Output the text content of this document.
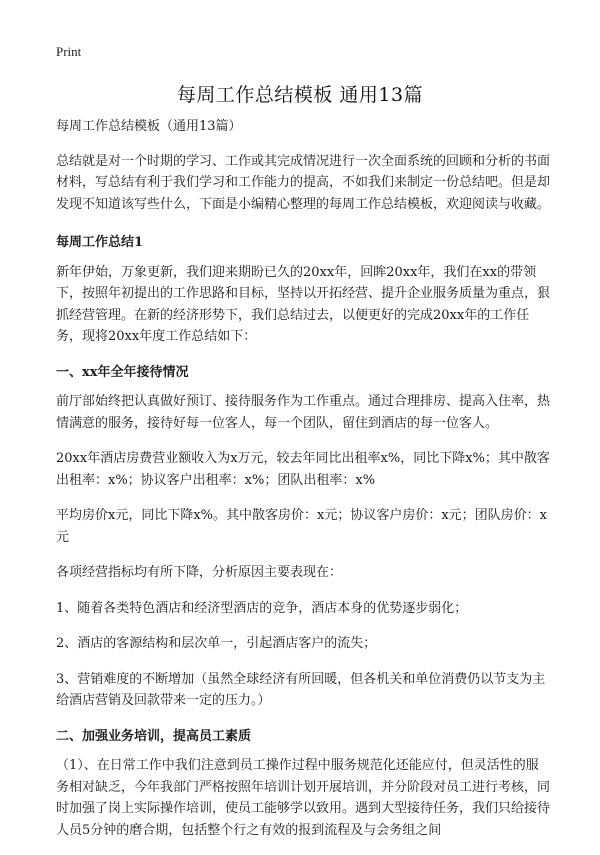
Print
每周工作总结模板 通用13篇

每周工作总结模板（通用13篇）

总结就是对一个时期的学习、工作或其完成情况进行一次全面系统的回顾和分析的书面材料，写总结有利于我们学习和工作能力的提高，不如我们来制定一份总结吧。但是却发现不知道该写些什么，下面是小编精心整理的每周工作总结模板，欢迎阅读与收藏。

每周工作总结1

新年伊始，万象更新，我们迎来期盼已久的20xx年，回眸20xx年，我们在xx的带领下，按照年初提出的工作思路和目标，坚持以开拓经营、提升企业服务质量为重点，狠抓经营管理。在新的经济形势下，我们总结过去，以便更好的完成20xx年的工作任务，现将20xx年度工作总结如下：

一、xx年全年接待情况

前厅部始终把认真做好预订、接待服务作为工作重点。通过合理排房、提高入住率，热情满意的服务，接待好每一位客人，每一个团队，留住到酒店的每一位客人。

20xx年酒店房费营业额收入为x万元，较去年同比出租率x%，同比下降x%；其中散客出租率：x%；协议客户出租率：x%；团队出租率：x%

平均房价x元，同比下降x%。其中散客房价：x元；协议客户房价：x元；团队房价：x元

各项经营指标均有所下降，分析原因主要表现在：

1、随着各类特色酒店和经济型酒店的竞争，酒店本身的优势逐步弱化；

2、酒店的客源结构和层次单一，引起酒店客户的流失；

3、营销难度的不断增加（虽然全球经济有所回暖，但各机关和单位消费仍以节支为主给酒店营销及回款带来一定的压力。）

二、加强业务培训，提高员工素质

（1）、在日常工作中我们注意到员工操作过程中服务规范化还能应付，但灵活性的服务相对缺乏，今年我部门严格按照年培训计划开展培训，并分阶段对员工进行考核，同时加强了岗上实际操作培训，使员工能够学以致用。遇到大型接待任务，我们只给接待人员5分钟的磨合期，包括整个行之有效的报到流程及与会务组之间
